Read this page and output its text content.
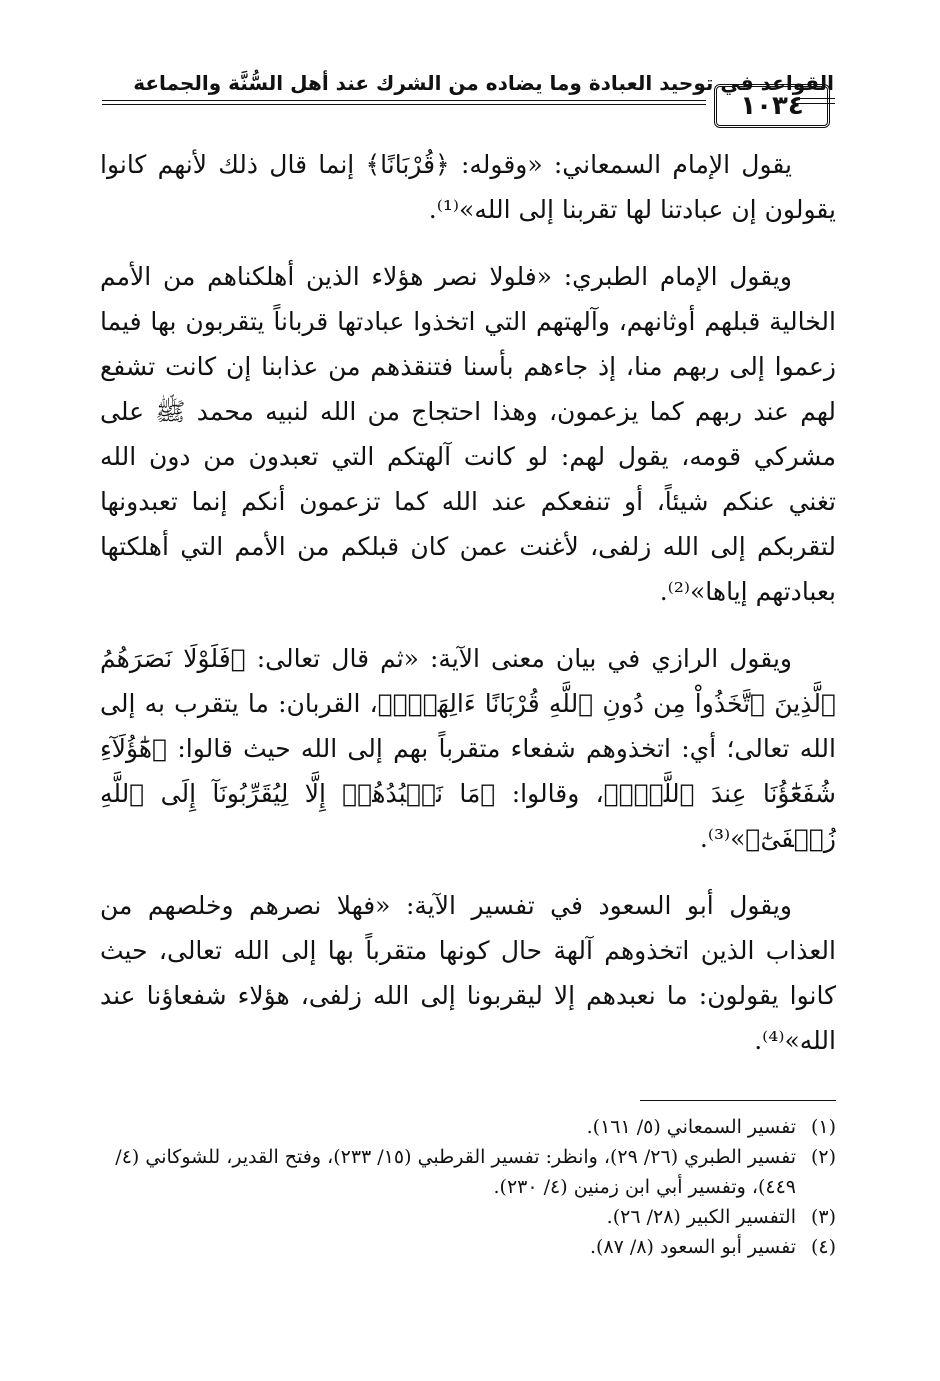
القواعد في توحيد العبادة وما يضاده من الشرك عند أهل السُّنَّة والجماعة
١٠٣٤

يقول الإمام السمعاني: «وقوله: ﴿قُرْبَانًا﴾ إنما قال ذلك لأنهم كانوا يقولون إن عبادتنا لها تقربنا إلى الله»⁽¹⁾.

ويقول الإمام الطبري: «فلولا نصر هؤلاء الذين أهلكناهم من الأمم الخالية قبلهم أوثانهم، وآلهتهم التي اتخذوا عبادتها قرباناً يتقربون بها فيما زعموا إلى ربهم منا، إذ جاءهم بأسنا فتنقذهم من عذابنا إن كانت تشفع لهم عند ربهم كما يزعمون، وهذا احتجاج من الله لنبيه محمد ﷺ على مشركي قومه، يقول لهم: لو كانت آلهتكم التي تعبدون من دون الله تغني عنكم شيئاً، أو تنفعكم عند الله كما تزعمون أنكم إنما تعبدونها لتقربكم إلى الله زلفى، لأغنت عمن كان قبلكم من الأمم التي أهلكتها بعبادتهم إياها»⁽²⁾.

ويقول الرازي في بيان معنى الآية: «ثم قال تعالى: ﴿فَلَوْلَا نَصَرَهُمُ ٱلَّذِينَ ٱتَّخَذُواْ مِن دُونِ ٱللَّهِ قُرْبَانًا ءَالِهَةَۢ﴾، القربان: ما يتقرب به إلى الله تعالى؛ أي: اتخذوهم شفعاء متقرباً بهم إلى الله حيث قالوا: ﴿هَٰٓؤُلَآءِ شُفَعَٰٓؤُنَا عِندَ ٱللَّهِۚ﴾، وقالوا: ﴿مَا نَعۡبُدُهُمۡ إِلَّا لِيُقَرِّبُونَآ إِلَى ٱللَّهِ زُلۡفَىٰٓ﴾»⁽³⁾.

ويقول أبو السعود في تفسير الآية: «فهلا نصرهم وخلصهم من العذاب الذين اتخذوهم آلهة حال كونها متقرباً بها إلى الله تعالى، حيث كانوا يقولون: ما نعبدهم إلا ليقربونا إلى الله زلفى، هؤلاء شفعاؤنا عند الله»⁽⁴⁾.

(١)
تفسير السمعاني (٥/ ١٦١).

(٢)
تفسير الطبري (٢٦/ ٢٩)، وانظر: تفسير القرطبي (١٥/ ٢٣٣)، وفتح القدير، للشوكاني (٤/ ٤٤٩)، وتفسير أبي ابن زمنين (٤/ ٢٣٠).

(٣)
التفسير الكبير (٢٨/ ٢٦).

(٤)
تفسير أبو السعود (٨/ ٨٧).
